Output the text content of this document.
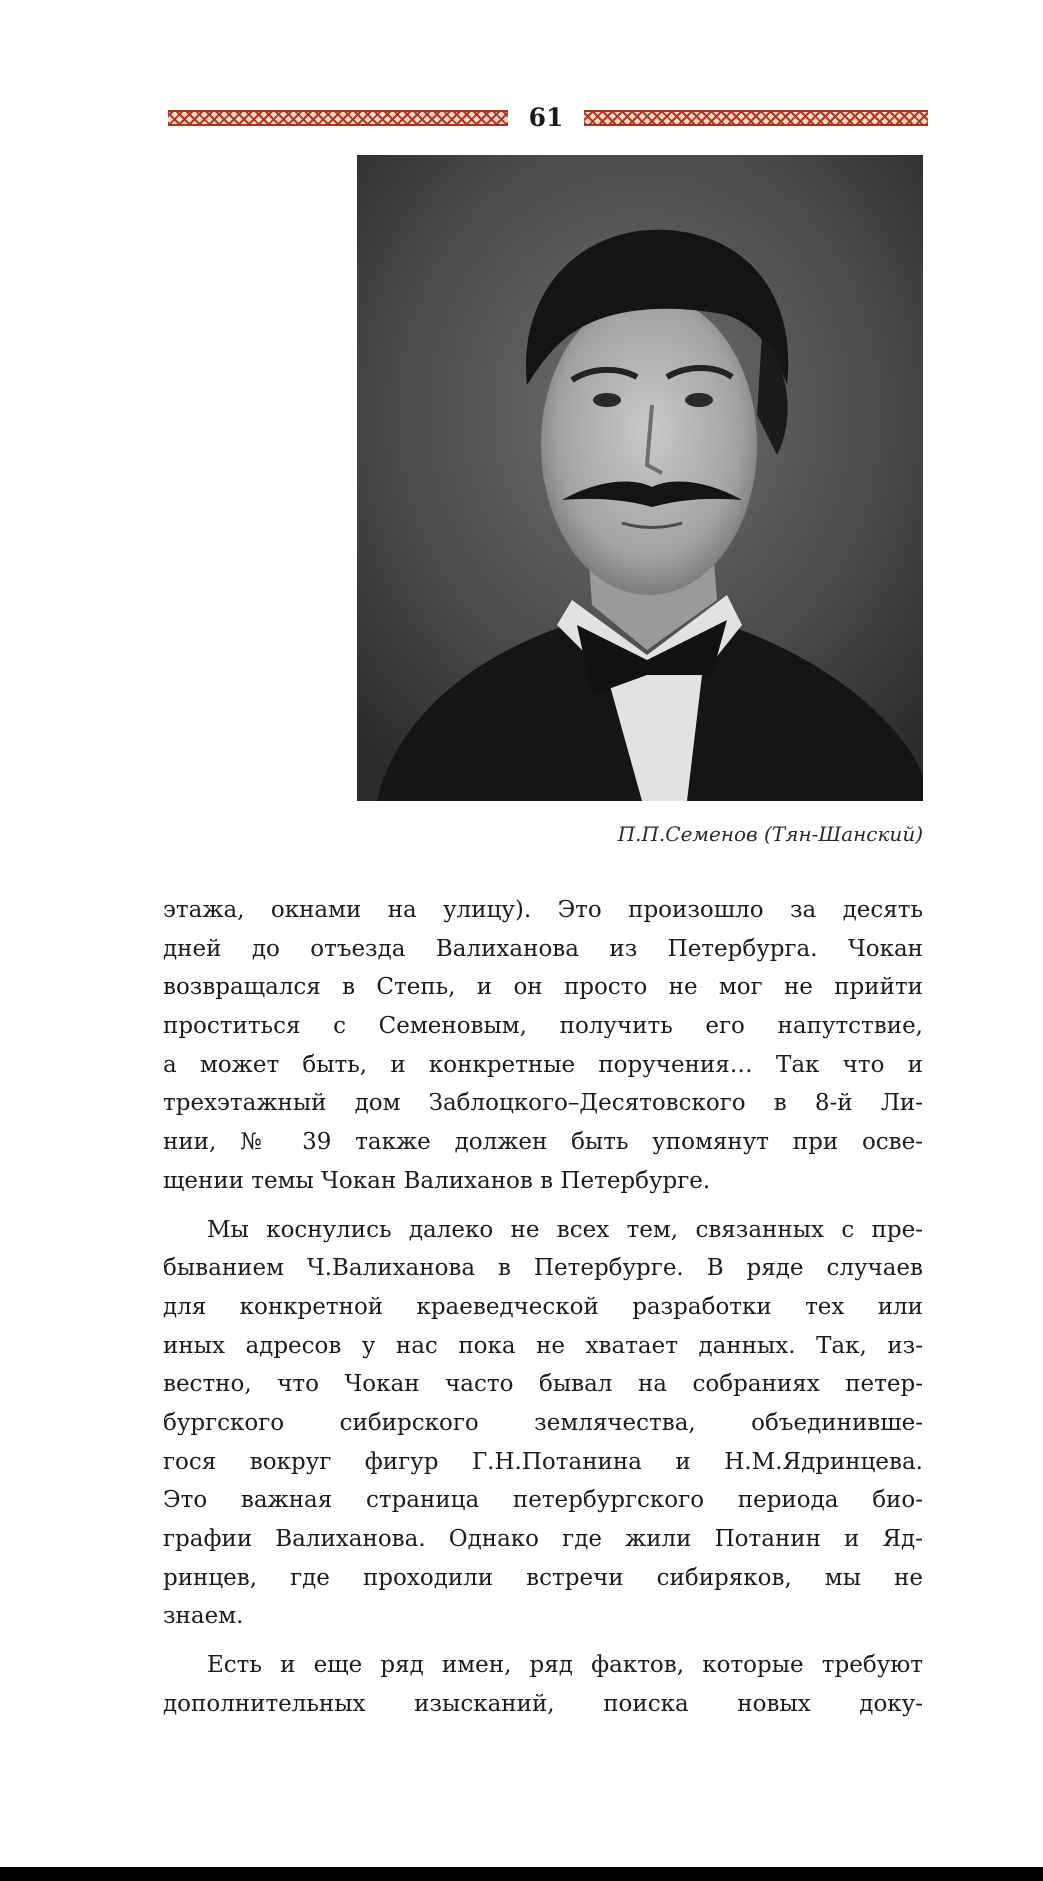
61
П.П.Семенов (Тян-Шанский)
этажа, окнами на улицу). Это произошло за десять
дней до отъезда Валиханова из Петербурга. Чокан
возвращался в Степь, и он просто не мог не прийти
проститься с Семеновым, получить его напутствие,
а может быть, и конкретные поручения… Так что и
трехэтажный дом Заблоцкого–Десятовского в 8-й Ли-
нии, № 39 также должен быть упомянут при осве-
щении темы Чокан Валиханов в Петербурге.
Мы коснулись далеко не всех тем, связанных с пре-
быванием Ч.Валиханова в Петербурге. В ряде случаев
для конкретной краеведческой разработки тех или
иных адресов у нас пока не хватает данных. Так, из-
вестно, что Чокан часто бывал на собраниях петер-
бургского сибирского землячества, объединивше-
гося вокруг фигур Г.Н.Потанина и Н.М.Ядринцева.
Это важная страница петербургского периода био-
графии Валиханова. Однако где жили Потанин и Яд-
ринцев, где проходили встречи сибиряков, мы не
знаем.
Есть и еще ряд имен, ряд фактов, которые требуют
дополнительных изысканий, поиска новых доку-
